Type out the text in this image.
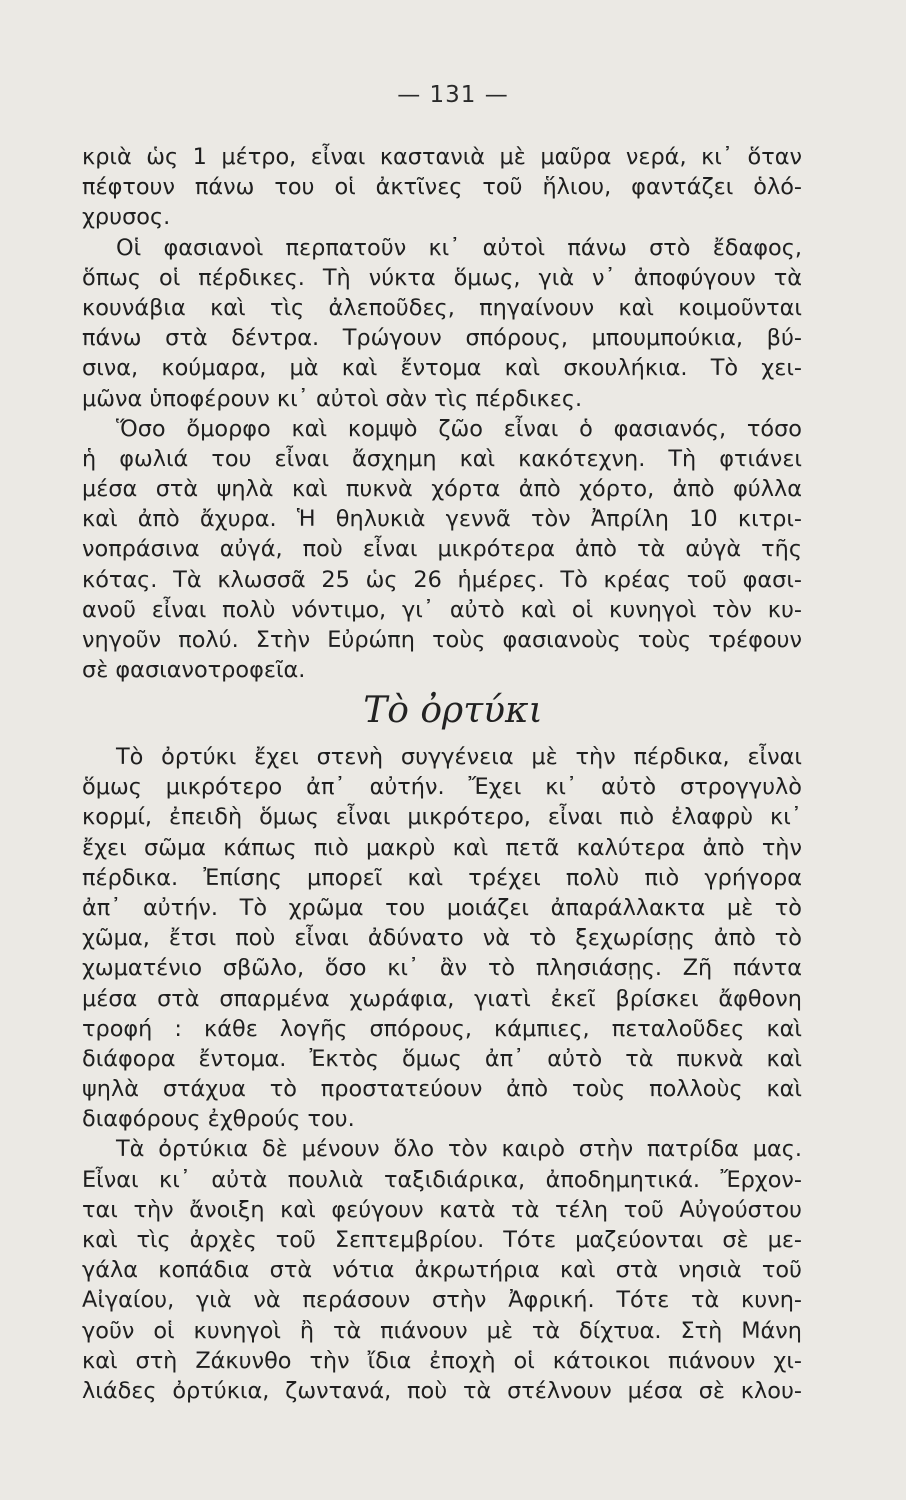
— 131 —
κριὰ ὡς 1 μέτρο, εἶναι καστανιὰ μὲ μαῦρα νερά, κι᾿ ὅταν
πέφτουν πάνω του οἱ ἀκτῖνες τοῦ ἥλιου, φαντάζει ὁλό-
χρυσος.
Οἱ φασιανοὶ περπατοῦν κι᾿ αὐτοὶ πάνω στὸ ἔδαφος,
ὅπως οἱ πέρδικες. Τὴ νύκτα ὅμως, γιὰ ν᾿ ἀποφύγουν τὰ
κουνάβια καὶ τὶς ἀλεποῦδες, πηγαίνουν καὶ κοιμοῦνται
πάνω στὰ δέντρα. Τρώγουν σπόρους, μπουμπούκια, βύ-
σινα, κούμαρα, μὰ καὶ ἔντομα καὶ σκουλήκια. Τὸ χει-
μῶνα ὑποφέρουν κι᾿ αὐτοὶ σὰν τὶς πέρδικες.
Ὅσο ὄμορφο καὶ κομψὸ ζῶο εἶναι ὁ φασιανός, τόσο
ἡ φωλιά του εἶναι ἄσχημη καὶ κακότεχνη. Τὴ φτιάνει
μέσα στὰ ψηλὰ καὶ πυκνὰ χόρτα ἀπὸ χόρτο, ἀπὸ φύλλα
καὶ ἀπὸ ἄχυρα. Ἡ θηλυκιὰ γεννᾶ τὸν Ἀπρίλη 10 κιτρι-
νοπράσινα αὐγά, ποὺ εἶναι μικρότερα ἀπὸ τὰ αὐγὰ τῆς
κότας. Τὰ κλωσσᾶ 25 ὡς 26 ἡμέρες. Τὸ κρέας τοῦ φασι-
ανοῦ εἶναι πολὺ νόντιμο, γι᾿ αὐτὸ καὶ οἱ κυνηγοὶ τὸν κυ-
νηγοῦν πολύ. Στὴν Εὐρώπη τοὺς φασιανοὺς τοὺς τρέφουν
σὲ φασιανοτροφεῖα.
Τὸ ὀρτύκι
Τὸ ὀρτύκι ἔχει στενὴ συγγένεια μὲ τὴν πέρδικα, εἶναι
ὅμως μικρότερο ἀπ᾿ αὐτήν. Ἔχει κι᾿ αὐτὸ στρογγυλὸ
κορμί, ἐπειδὴ ὅμως εἶναι μικρότερο, εἶναι πιὸ ἐλαφρὺ κι᾿
ἔχει σῶμα κάπως πιὸ μακρὺ καὶ πετᾶ καλύτερα ἀπὸ τὴν
πέρδικα. Ἐπίσης μπορεῖ καὶ τρέχει πολὺ πιὸ γρήγορα
ἀπ᾿ αὐτήν. Τὸ χρῶμα του μοιάζει ἀπαράλλακτα μὲ τὸ
χῶμα, ἔτσι ποὺ εἶναι ἀδύνατο νὰ τὸ ξεχωρίσῃς ἀπὸ τὸ
χωματένιο σβῶλο, ὅσο κι᾿ ἂν τὸ πλησιάσῃς. Ζῆ πάντα
μέσα στὰ σπαρμένα χωράφια, γιατὶ ἐκεῖ βρίσκει ἄφθονη
τροφή : κάθε λογῆς σπόρους, κάμπιες, πεταλοῦδες καὶ
διάφορα ἔντομα. Ἐκτὸς ὅμως ἀπ᾿ αὐτὸ τὰ πυκνὰ καὶ
ψηλὰ στάχυα τὸ προστατεύουν ἀπὸ τοὺς πολλοὺς καὶ
διαφόρους ἐχθρούς του.
Τὰ ὀρτύκια δὲ μένουν ὅλο τὸν καιρὸ στὴν πατρίδα μας.
Εἶναι κι᾿ αὐτὰ πουλιὰ ταξιδιάρικα, ἀποδημητικά. Ἔρχον-
ται τὴν ἄνοιξη καὶ φεύγουν κατὰ τὰ τέλη τοῦ Αὐγούστου
καὶ τὶς ἀρχὲς τοῦ Σεπτεμβρίου. Τότε μαζεύονται σὲ με-
γάλα κοπάδια στὰ νότια ἀκρωτήρια καὶ στὰ νησιὰ τοῦ
Αἰγαίου, γιὰ νὰ περάσουν στὴν Ἀφρική. Τότε τὰ κυνη-
γοῦν οἱ κυνηγοὶ ἢ τὰ πιάνουν μὲ τὰ δίχτυα. Στὴ Μάνη
καὶ στὴ Ζάκυνθο τὴν ἴδια ἐποχὴ οἱ κάτοικοι πιάνουν χι-
λιάδες ὀρτύκια, ζωντανά, ποὺ τὰ στέλνουν μέσα σὲ κλου-
